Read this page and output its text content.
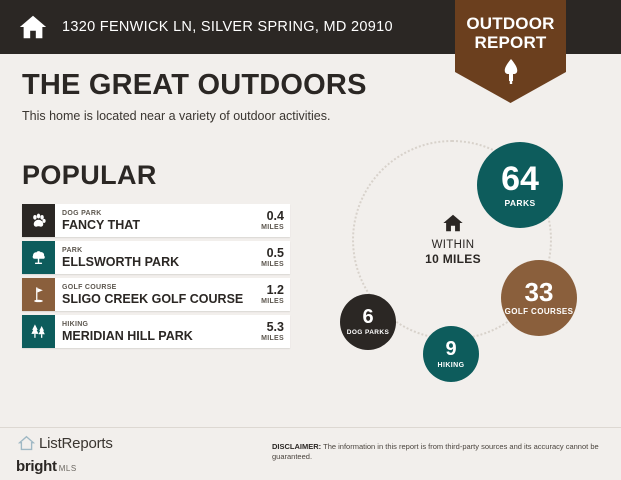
1320 FENWICK LN, SILVER SPRING, MD 20910	OUTDOOR
REPORT
THE GREAT OUTDOORS
This home is located near a variety of outdoor activities.
POPULAR
DOG PARK
FANCY THAT
0.4
MILES
PARK
ELLSWORTH PARK
0.5
MILES
GOLF COURSE
SLIGO CREEK GOLF COURSE
1.2
MILES
HIKING
MERIDIAN HILL PARK
5.3
MILES
WITHIN
10 MILES
64
PARKS
33
GOLF COURSES
9
HIKING
6
DOG PARKS
ListReports
bright MLS
DISCLAIMER: The information in this report is from third-party sources and its accuracy cannot be guaranteed.
